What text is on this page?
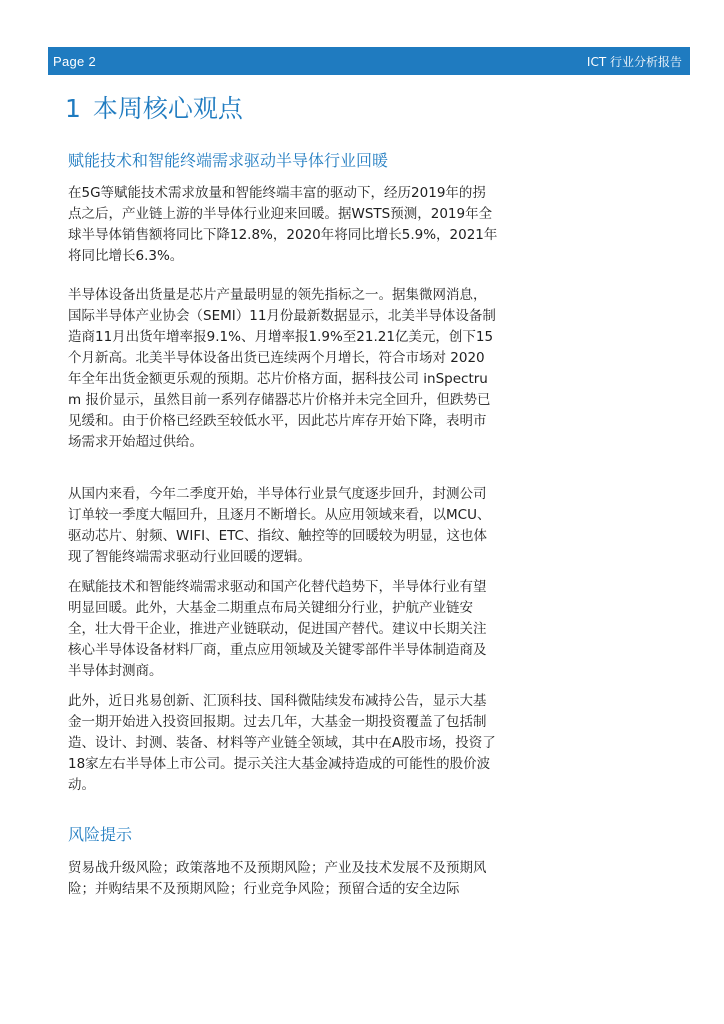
Page 2	ICT 行业分析报告
1 本周核心观点
赋能技术和智能终端需求驱动半导体行业回暖

在5G等赋能技术需求放量和智能终端丰富的驱动下，经历2019年的拐点之后，产业链上游的半导体行业迎来回暖。据WSTS预测，2019年全球半导体销售额将同比下降12.8%，2020年将同比增长5.9%，2021年将同比增长6.3%。

半导体设备出货量是芯片产量最明显的领先指标之一。据集微网消息，国际半导体产业协会（SEMI）11月份最新数据显示，北美半导体设备制造商11月出货年增率报9.1%、月增率报1.9%至21.21亿美元，创下15个月新高。北美半导体设备出货已连续两个月增长，符合市场对 2020年全年出货金额更乐观的预期。芯片价格方面，据科技公司 inSpectrum 报价显示，虽然目前一系列存储器芯片价格并未完全回升，但跌势已见缓和。由于价格已经跌至较低水平，因此芯片库存开始下降，表明市场需求开始超过供给。

从国内来看，今年二季度开始，半导体行业景气度逐步回升，封测公司订单较一季度大幅回升，且逐月不断增长。从应用领域来看，以MCU、驱动芯片、射频、WIFI、ETC、指纹、触控等的回暖较为明显，这也体现了智能终端需求驱动行业回暖的逻辑。

在赋能技术和智能终端需求驱动和国产化替代趋势下，半导体行业有望明显回暖。此外，大基金二期重点布局关键细分行业，护航产业链安全，壮大骨干企业，推进产业链联动，促进国产替代。建议中长期关注核心半导体设备材料厂商，重点应用领域及关键零部件半导体制造商及半导体封测商。

此外，近日兆易创新、汇顶科技、国科微陆续发布减持公告，显示大基金一期开始进入投资回报期。过去几年，大基金一期投资覆盖了包括制造、设计、封测、装备、材料等产业链全领域，其中在A股市场，投资了18家左右半导体上市公司。提示关注大基金减持造成的可能性的股价波动。

风险提示

贸易战升级风险；政策落地不及预期风险；产业及技术发展不及预期风险；并购结果不及预期风险；行业竞争风险；预留合适的安全边际
